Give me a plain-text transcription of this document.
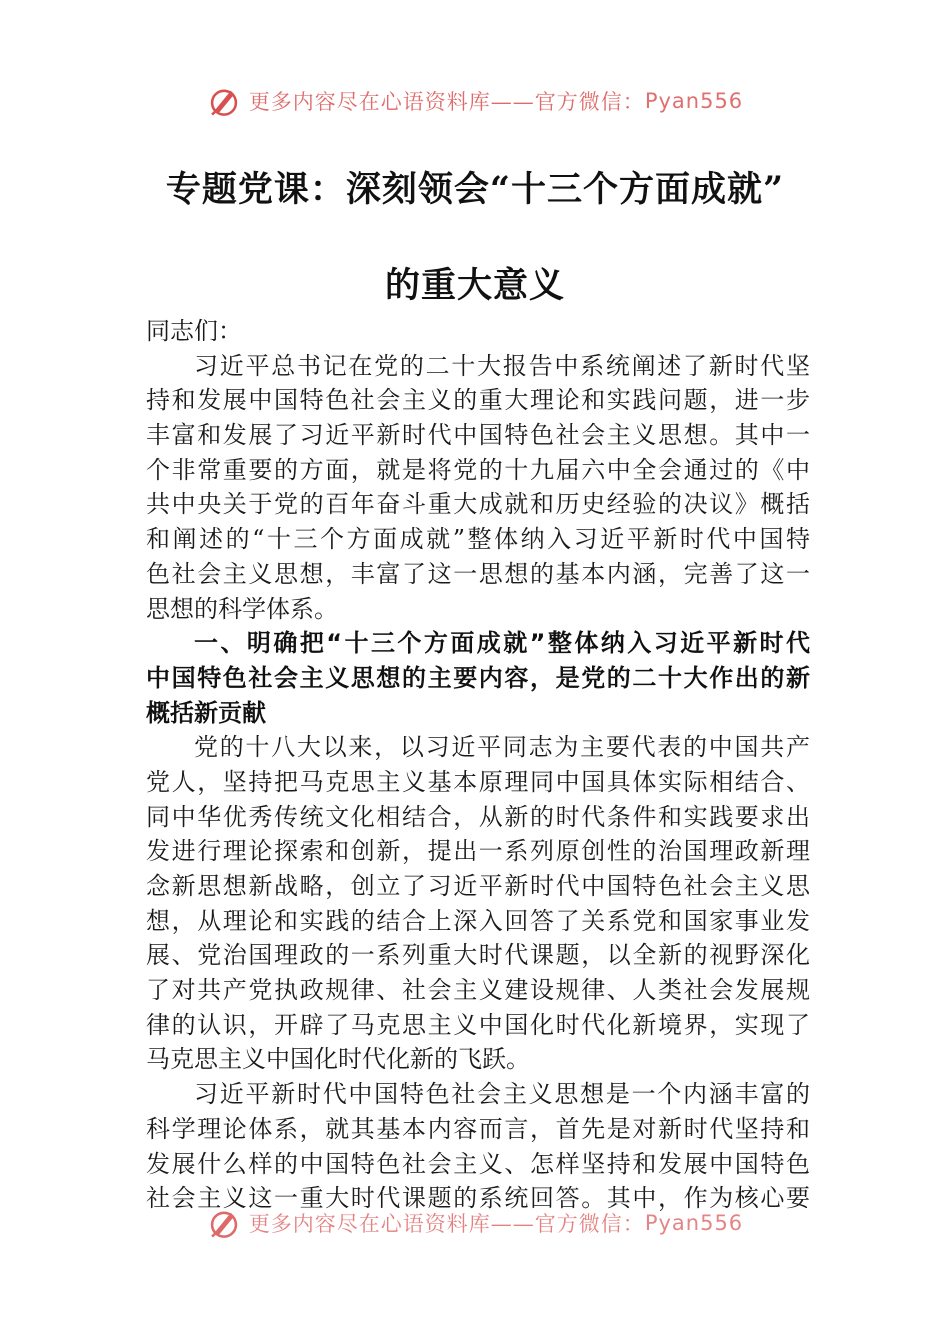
更多内容尽在心语资料库——官方微信： Pyan556
专题党课：深刻领会“十三个方面成就”
的重大意义
同志们：
习近平总书记在党的二十大报告中系统阐述了新时代坚
持和发展中国特色社会主义的重大理论和实践问题，进一步
丰富和发展了习近平新时代中国特色社会主义思想。其中一
个非常重要的方面，就是将党的十九届六中全会通过的《中
共中央关于党的百年奋斗重大成就和历史经验的决议》概括
和阐述的“十三个方面成就”整体纳入习近平新时代中国特
色社会主义思想，丰富了这一思想的基本内涵，完善了这一
思想的科学体系。
一、明确把“十三个方面成就”整体纳入习近平新时代
中国特色社会主义思想的主要内容，是党的二十大作出的新
概括新贡献
党的十八大以来，以习近平同志为主要代表的中国共产
党人，坚持把马克思主义基本原理同中国具体实际相结合、
同中华优秀传统文化相结合，从新的时代条件和实践要求出
发进行理论探索和创新，提出一系列原创性的治国理政新理
念新思想新战略，创立了习近平新时代中国特色社会主义思
想，从理论和实践的结合上深入回答了关系党和国家事业发
展、党治国理政的一系列重大时代课题，以全新的视野深化
了对共产党执政规律、社会主义建设规律、人类社会发展规
律的认识，开辟了马克思主义中国化时代化新境界，实现了
马克思主义中国化时代化新的飞跃。
习近平新时代中国特色社会主义思想是一个内涵丰富的
科学理论体系，就其基本内容而言，首先是对新时代坚持和
发展什么样的中国特色社会主义、怎样坚持和发展中国特色
社会主义这一重大时代课题的系统回答。其中，作为核心要
更多内容尽在心语资料库——官方微信： Pyan556
